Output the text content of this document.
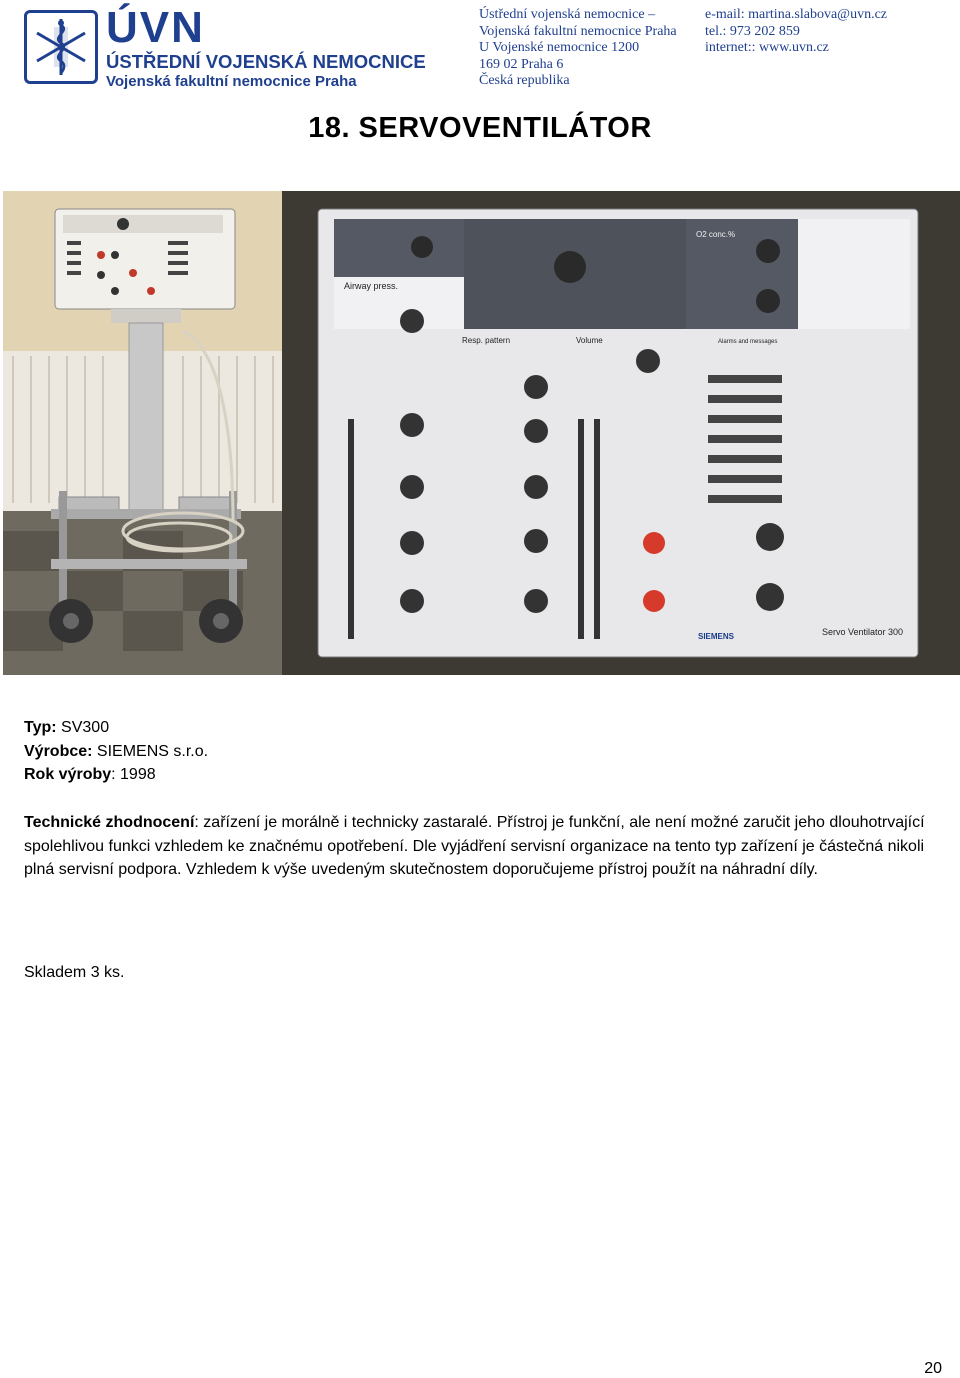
ÚVN
ÚSTŘEDNÍ VOJENSKÁ NEMOCNICE
Vojenská fakultní nemocnice Praha
Ústřední vojenská nemocnice –
Vojenská fakultní nemocnice Praha
U Vojenské nemocnice 1200
169 02 Praha 6
Česká republika
e-mail: martina.slabova@uvn.cz
tel.: 973 202 859
internet:: www.uvn.cz
18. SERVOVENTILÁTOR
Airway press.
Resp. pattern	Volume
O2 conc.%
Alarms and messages
SIEMENS	Servo Ventilator 300
Typ: SV300
Výrobce: SIEMENS s.r.o.
Rok výroby: 1998

Technické zhodnocení: zařízení je morálně i technicky zastaralé. Přístroj je funkční, ale není možné zaručit jeho dlouhotrvající spolehlivou funkci vzhledem ke značnému opotřebení. Dle vyjádření servisní organizace na tento typ zařízení je částečná nikoli plná servisní podpora. Vzhledem k výše uvedeným skutečnostem doporučujeme přístroj použít na náhradní díly.

Skladem 3 ks.

20
